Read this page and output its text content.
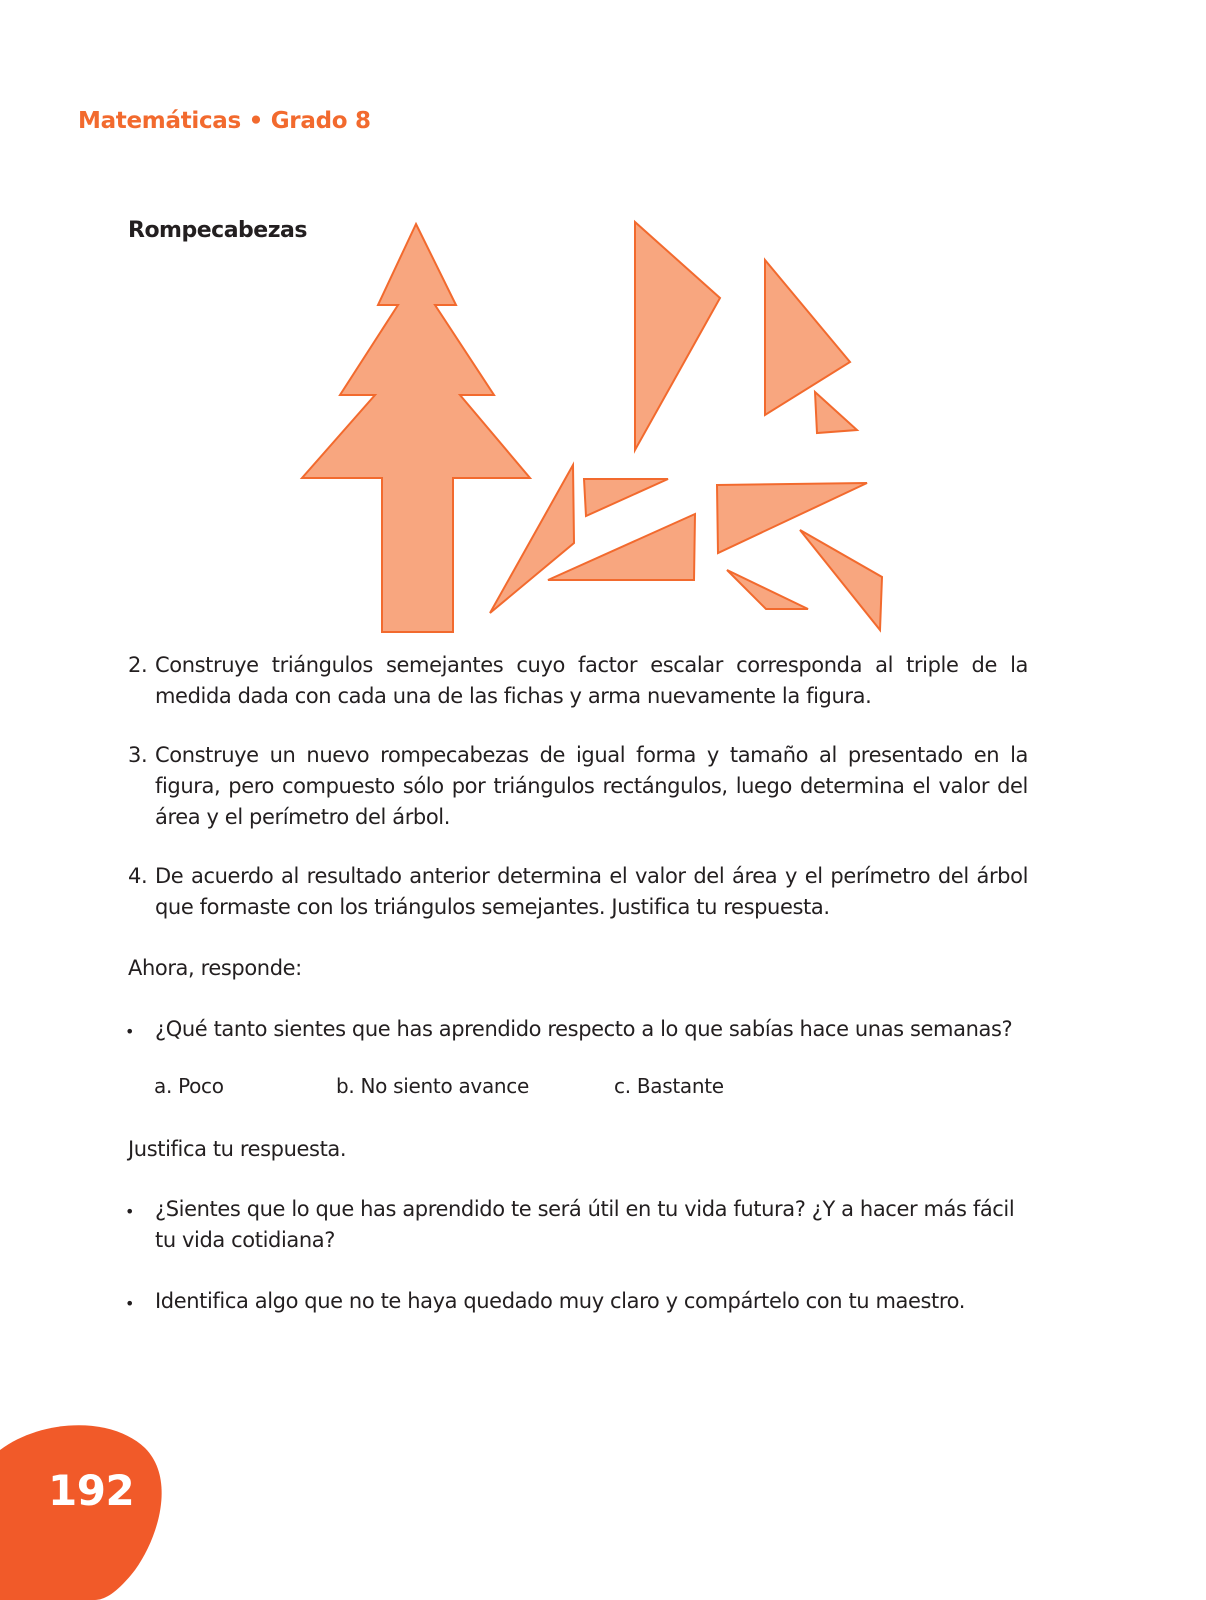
Matemáticas • Grado 8
Rompecabezas
2. Construye triángulos semejantes cuyo factor escalar corresponda al triple de la medida dada con cada una de las fichas y arma nuevamente la figura.
3. Construye un nuevo rompecabezas de igual forma y tamaño al presentado en la figura, pero compuesto sólo por triángulos rectángulos, luego determina el valor del área y el perímetro del árbol.
4. De acuerdo al resultado anterior determina el valor del área y el perímetro del árbol que formaste con los triángulos semejantes. Justifica tu respuesta.
Ahora, responde:
• ¿Qué tanto sientes que has aprendido respecto a lo que sabías hace unas semanas?
a. Poco	b. No siento avance	c. Bastante
Justifica tu respuesta.
• ¿Sientes que lo que has aprendido te será útil en tu vida futura? ¿Y a hacer más fácil tu vida cotidiana?
• Identifica algo que no te haya quedado muy claro y compártelo con tu maestro.
192
